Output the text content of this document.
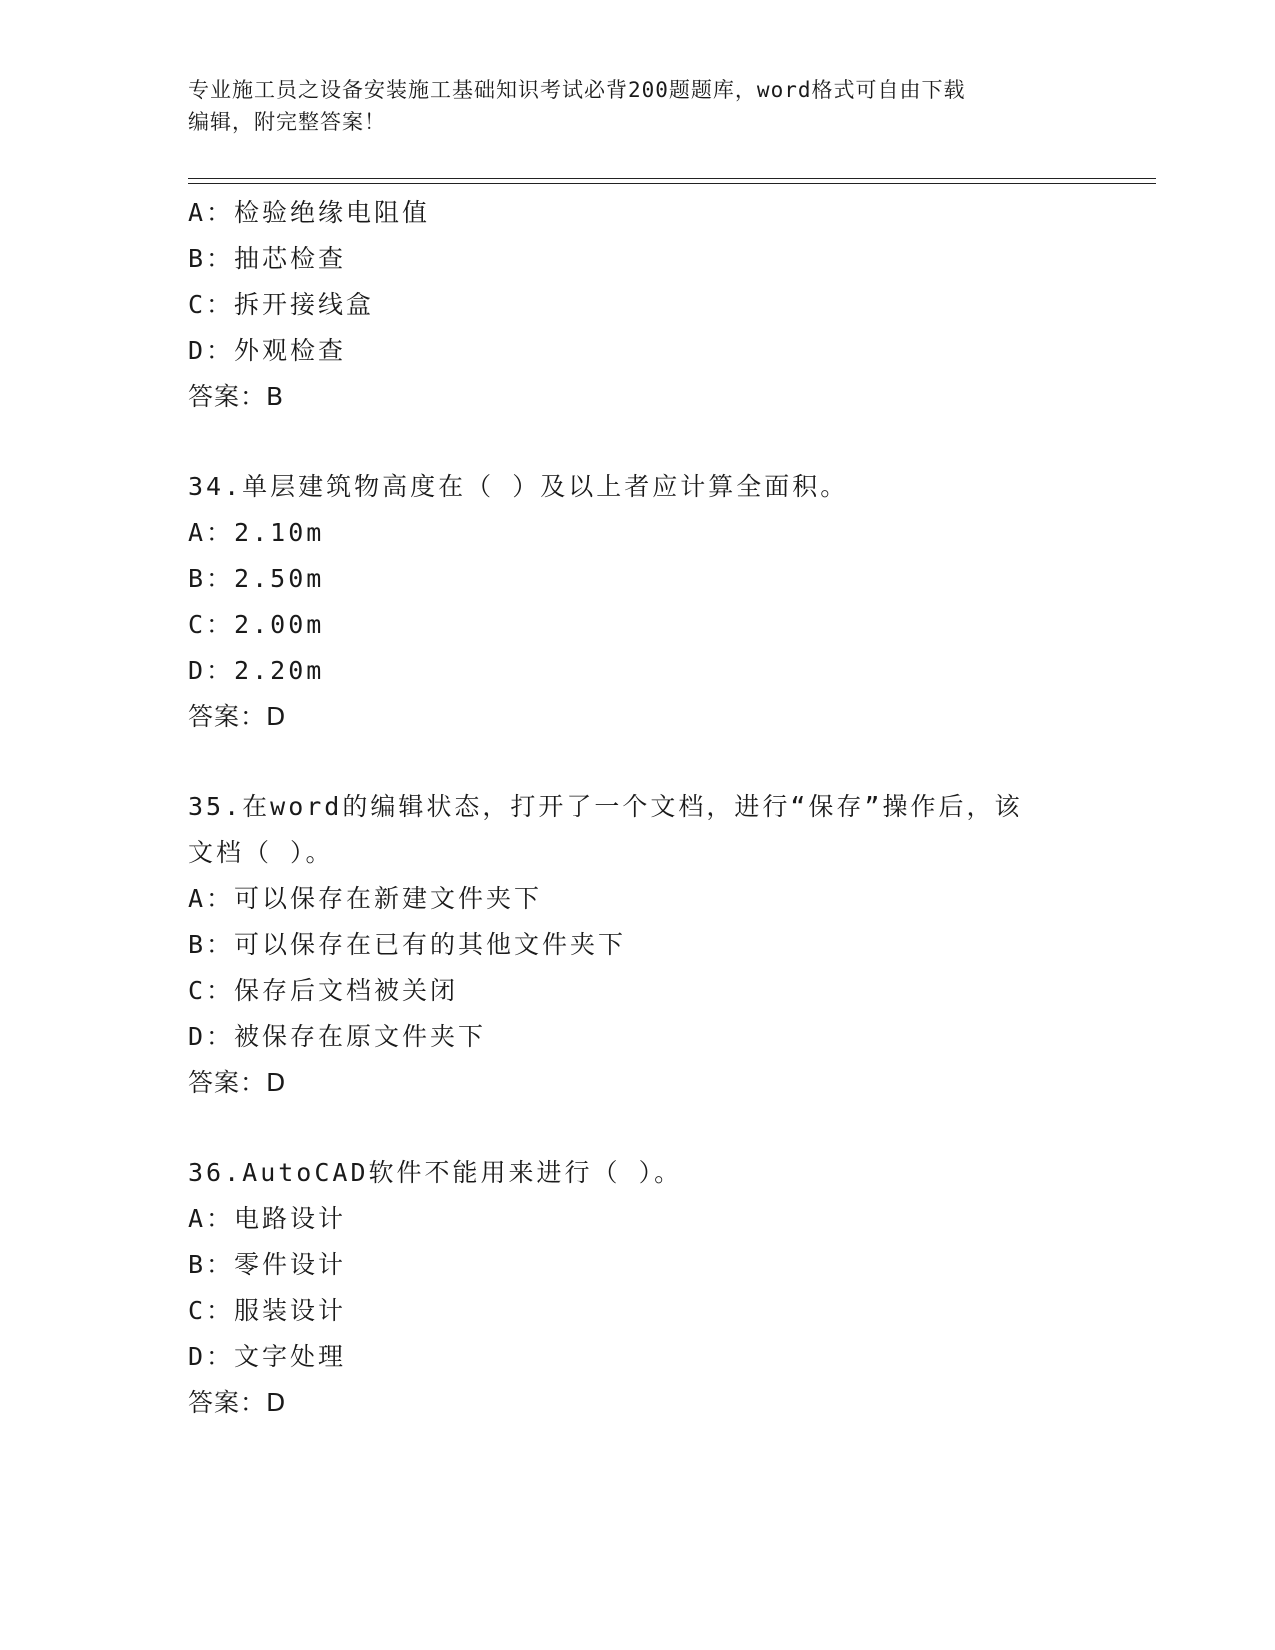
专业施工员之设备安装施工基础知识考试必背200题题库，word格式可自由下载
编辑，附完整答案！
A：检验绝缘电阻值
B：抽芯检查
C：拆开接线盒
D：外观检查
答案：B
34.单层建筑物高度在（ ）及以上者应计算全面积。
A：2.10m
B：2.50m
C：2.00m
D：2.20m
答案：D
35.在word的编辑状态，打开了一个文档，进行“保存”操作后，该
文档（ ）。
A：可以保存在新建文件夹下
B：可以保存在已有的其他文件夹下
C：保存后文档被关闭
D：被保存在原文件夹下
答案：D
36.AutoCAD软件不能用来进行（ ）。
A：电路设计
B：零件设计
C：服装设计
D：文字处理
答案：D
